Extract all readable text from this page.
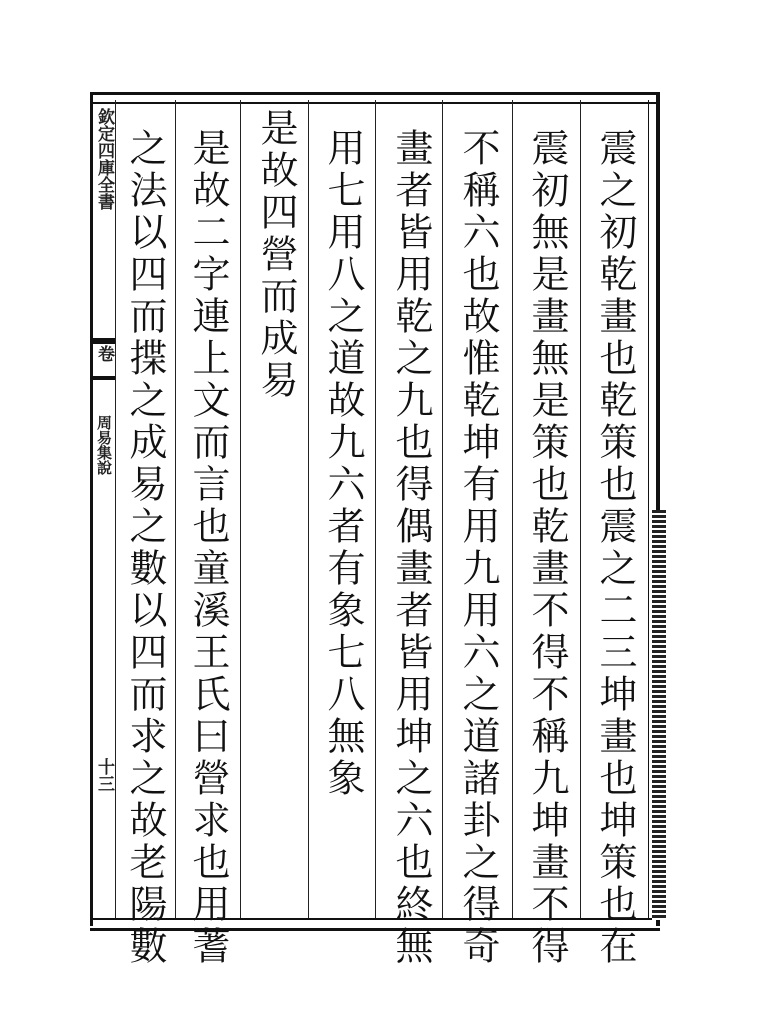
欽定四庫全書
卷
周易集說
十三	震之初乾畫也乾策也震之二三坤畫也坤策也在
震初無是畫無是策也乾畫不得不稱九坤畫不得
不稱六也故惟乾坤有用九用六之道諸卦之得奇
畫者皆用乾之九也得偶畫者皆用坤之六也終無
用七用八之道故九六者有象七八無象
是故四營而成易
是故二字連上文而言也童溪王氏曰營求也用蓍
之法以四而揲之成易之數以四而求之故老陽數
